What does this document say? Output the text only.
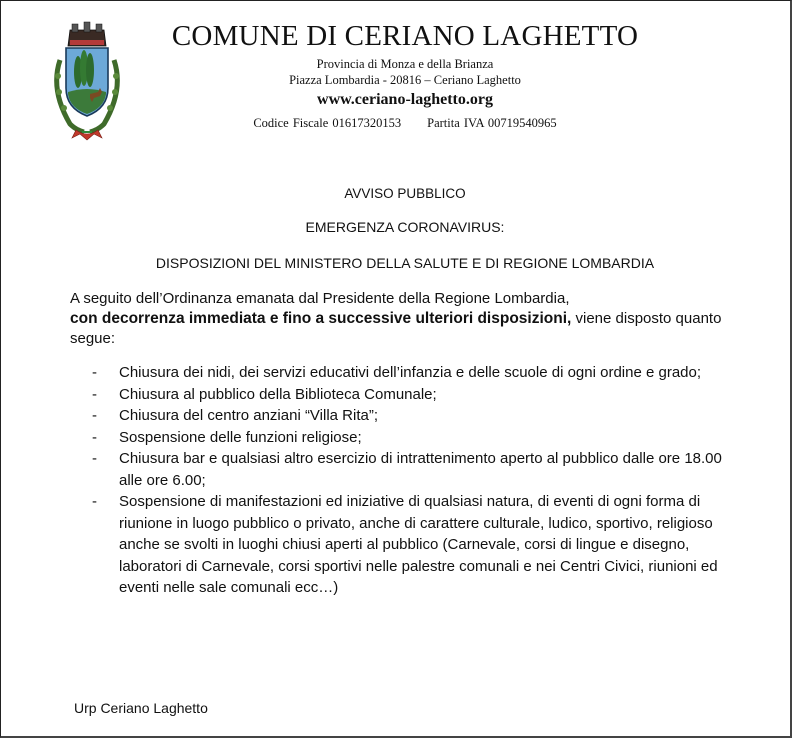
COMUNE DI CERIANO LAGHETTO
Provincia di Monza e della Brianza
Piazza Lombardia - 20816 – Ceriano Laghetto
www.ceriano-laghetto.org
Codice Fiscale 01617320153 Partita IVA 00719540965
AVVISO PUBBLICO
EMERGENZA CORONAVIRUS:
DISPOSIZIONI DEL MINISTERO DELLA SALUTE E DI REGIONE LOMBARDIA
A seguito dell’Ordinanza emanata dal Presidente della Regione Lombardia,
con decorrenza immediata e fino a successive ulteriori disposizioni, viene disposto quanto segue:
- Chiusura dei nidi, dei servizi educativi dell’infanzia e delle scuole di ogni ordine e grado;
- Chiusura al pubblico della Biblioteca Comunale;
- Chiusura del centro anziani “Villa Rita”;
- Sospensione delle funzioni religiose;
- Chiusura bar e qualsiasi altro esercizio di intrattenimento aperto al pubblico dalle ore 18.00 alle ore 6.00;
- Sospensione di manifestazioni ed iniziative di qualsiasi natura, di eventi di ogni forma di riunione in luogo pubblico o privato, anche di carattere culturale, ludico, sportivo, religioso anche se svolti in luoghi chiusi aperti al pubblico (Carnevale, corsi di lingue e disegno, laboratori di Carnevale, corsi sportivi nelle palestre comunali e nei Centri Civici, riunioni ed eventi nelle sale comunali ecc…)
Urp Ceriano Laghetto
